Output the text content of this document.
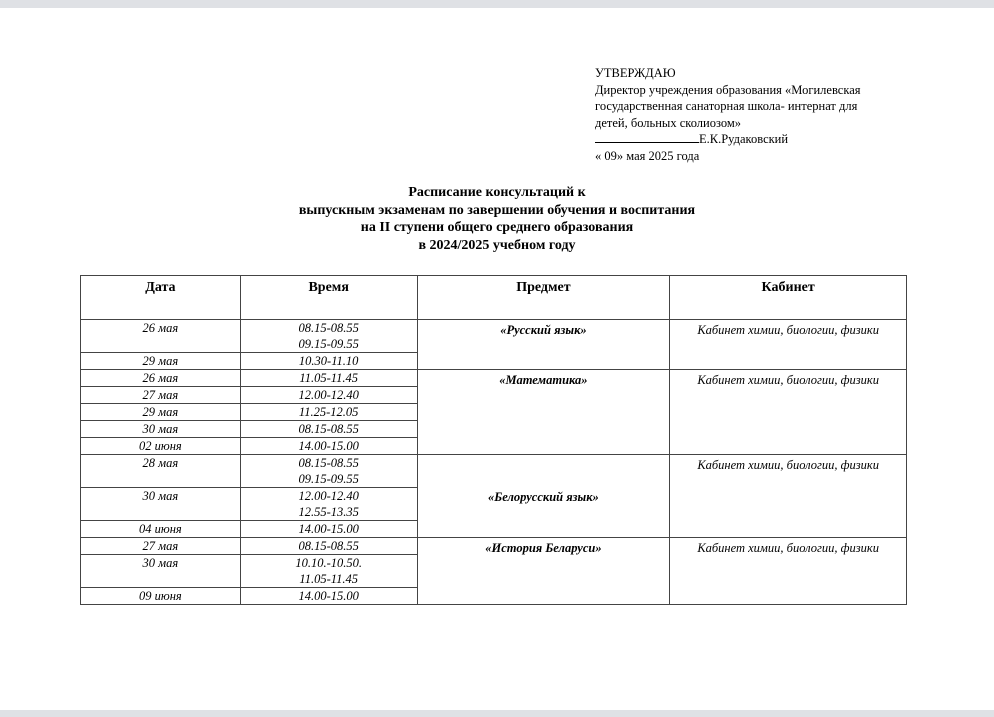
УТВЕРЖДАЮ
Директор учреждения образования «Могилевская
государственная санаторная школа- интернат для
детей, больных сколиозом»
Е.К.Рудаковский
« 09» мая 2025 года
Расписание консультаций к
выпускным экзаменам по завершении обучения и воспитания
на II ступени общего среднего образования
в 2024/2025 учебном году
Дата	Время	Предмет	Кабинет
26 мая	08.15-08.55	«Русский язык»	Кабинет химии, биологии, физики
	09.15-09.55		
29 мая	10.30-11.10		
26 мая	11.05-11.45	«Математика»	Кабинет химии, биологии, физики
27 мая	12.00-12.40		
29 мая	11.25-12.05		
30 мая	08.15-08.55		
02 июня	14.00-15.00		
28 мая	08.15-08.55	«Белорусский язык»	Кабинет химии, биологии, физики
	09.15-09.55		
30 мая	12.00-12.40		
	12.55-13.35		
04 июня	14.00-15.00		
27 мая	08.15-08.55	«История Беларуси»	Кабинет химии, биологии, физики
30 мая	10.10.-10.50.		
	11.05-11.45		
09 июня	14.00-15.00		
